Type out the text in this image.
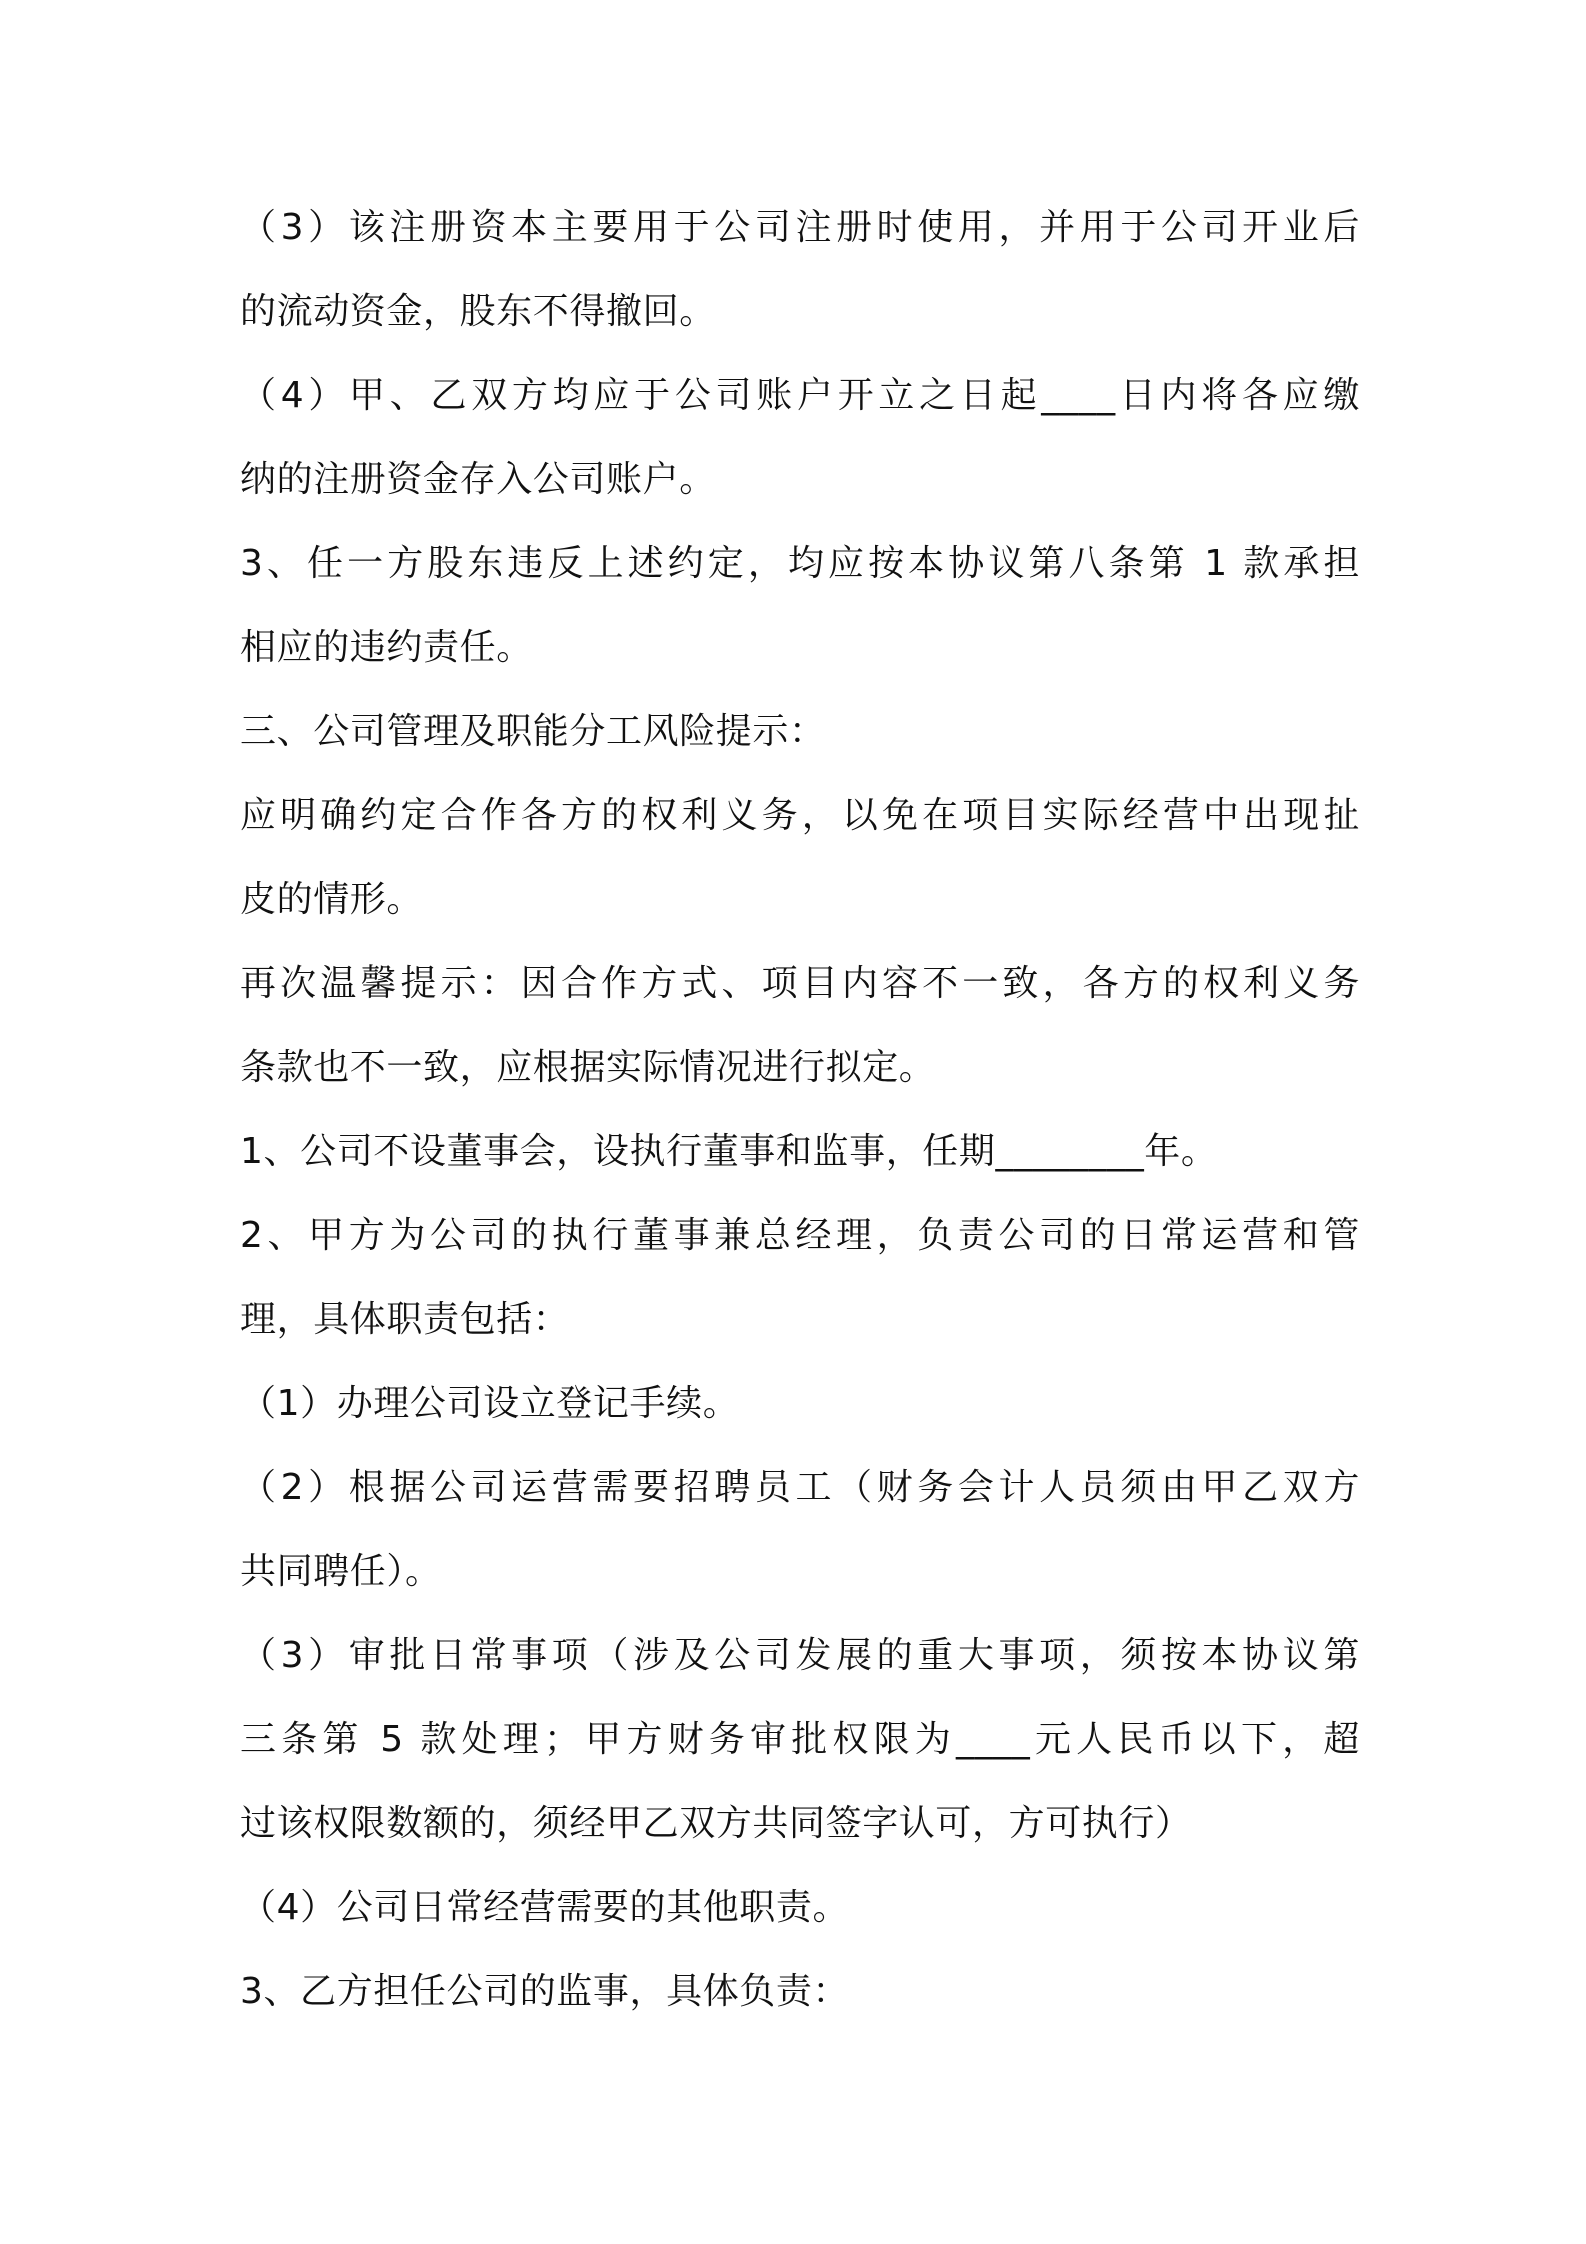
（3）该注册资本主要用于公司注册时使用，并用于公司开业后
的流动资金，股东不得撤回。
（4）甲、乙双方均应于公司账户开立之日起____日内将各应缴
纳的注册资金存入公司账户。
3、任一方股东违反上述约定，均应按本协议第八条第 1 款承担
相应的违约责任。
三、公司管理及职能分工风险提示：
应明确约定合作各方的权利义务，以免在项目实际经营中出现扯
皮的情形。
再次温馨提示：因合作方式、项目内容不一致，各方的权利义务
条款也不一致，应根据实际情况进行拟定。
1、公司不设董事会，设执行董事和监事，任期________年。
2、甲方为公司的执行董事兼总经理，负责公司的日常运营和管
理，具体职责包括：
（1）办理公司设立登记手续。
（2）根据公司运营需要招聘员工（财务会计人员须由甲乙双方
共同聘任）。
（3）审批日常事项（涉及公司发展的重大事项，须按本协议第
三条第 5 款处理；甲方财务审批权限为____元人民币以下，超
过该权限数额的，须经甲乙双方共同签字认可，方可执行）
（4）公司日常经营需要的其他职责。
3、乙方担任公司的监事，具体负责：
